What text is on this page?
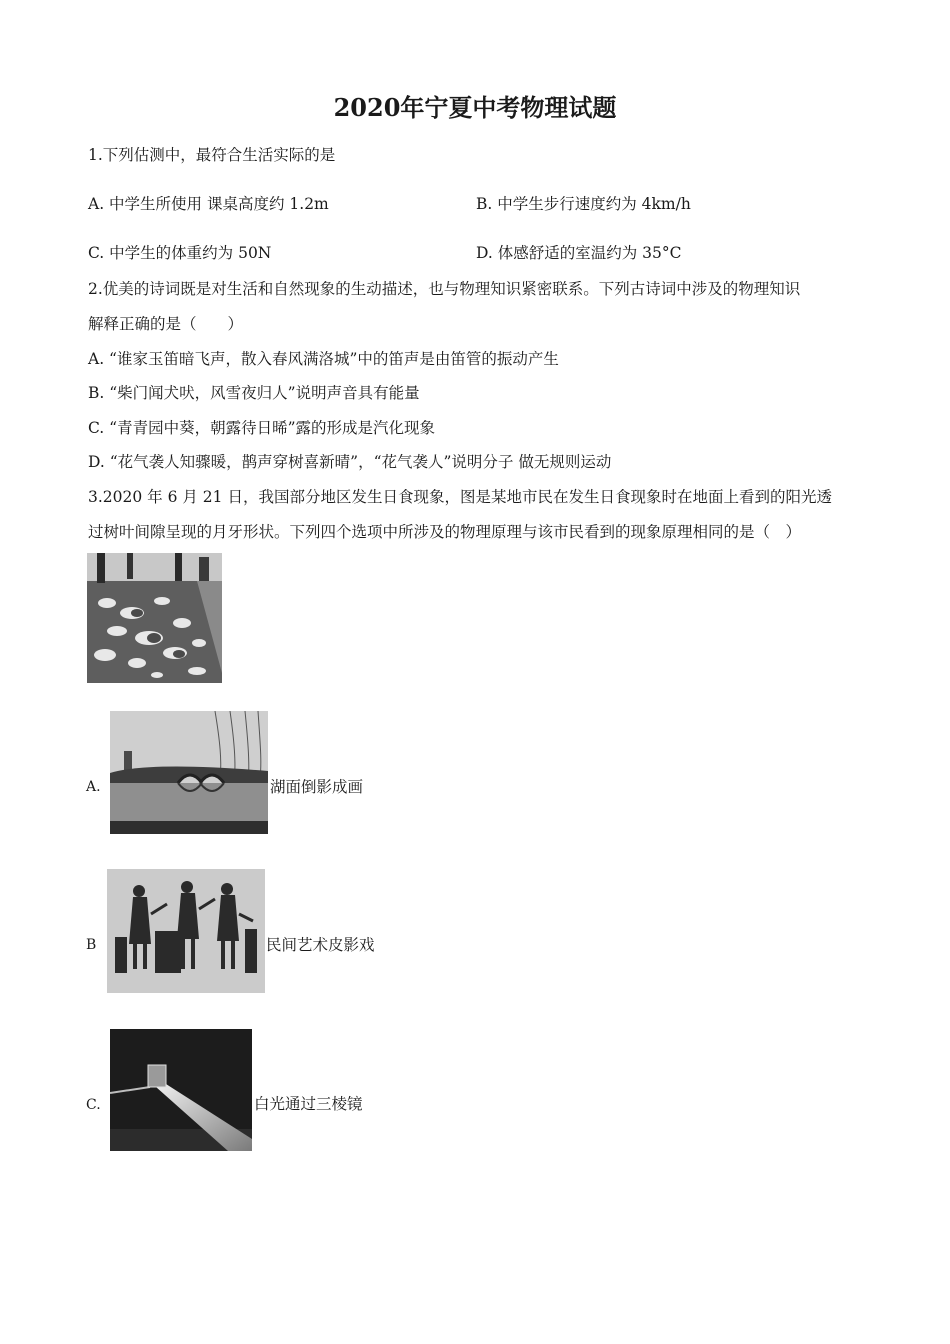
2020年宁夏中考物理试题
1.下列估测中，最符合生活实际的是
A. 中学生所使用 课桌高度约 1.2m	B. 中学生步行速度约为 4km/h
C. 中学生的体重约为 50N	D. 体感舒适的室温约为 35°C
2.优美的诗词既是对生活和自然现象的生动描述，也与物理知识紧密联系。下列古诗词中涉及的物理知识
解释正确的是（　　）
A. “谁家玉笛暗飞声，散入春风满洛城”中的笛声是由笛管的振动产生
B. “柴门闻犬吠，风雪夜归人”说明声音具有能量
C. “青青园中葵，朝露待日晞”露的形成是汽化现象
D. “花气袭人知骤暖，鹊声穿树喜新晴”，“花气袭人”说明分子 做无规则运动
3.2020 年 6 月 21 日，我国部分地区发生日食现象，图是某地市民在发生日食现象时在地面上看到的阳光透
过树叶间隙呈现的月牙形状。下列四个选项中所涉及的物理原理与该市民看到的现象原理相同的是（　）
A.	湖面倒影成画
B	民间艺术皮影戏
C.	白光通过三棱镜
